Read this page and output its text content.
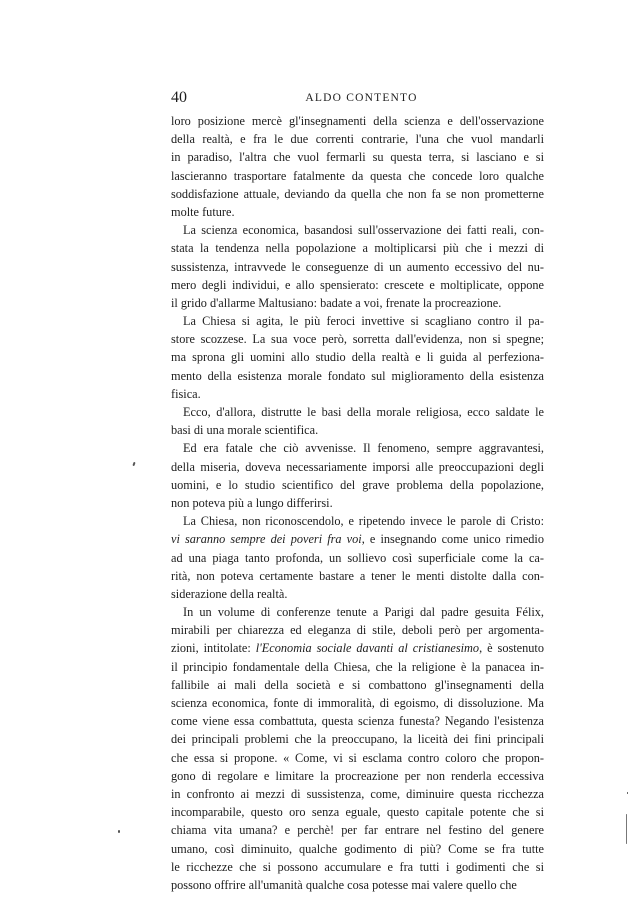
40	ALDO CONTENTO
loro posizione mercè gl'insegnamenti della scienza e dell'osservazione
della realtà, e fra le due correnti contrarie, l'una che vuol mandarli
in paradiso, l'altra che vuol fermarli su questa terra, si lasciano e si
lascieranno trasportare fatalmente da questa che concede loro qualche
soddisfazione attuale, deviando da quella che non fa se non prometterne
molte future.
La scienza economica, basandosi sull'osservazione dei fatti reali, con-
stata la tendenza nella popolazione a moltiplicarsi più che i mezzi di
sussistenza, intravvede le conseguenze di un aumento eccessivo del nu-
mero degli individui, e allo spensierato: crescete e moltiplicate, oppone
il grido d'allarme Maltusiano: badate a voi, frenate la procreazione.
La Chiesa si agita, le più feroci invettive si scagliano contro il pa-
store scozzese. La sua voce però, sorretta dall'evidenza, non si spegne;
ma sprona gli uomini allo studio della realtà e li guida al perfeziona-
mento della esistenza morale fondato sul miglioramento della esistenza
fisica.
Ecco, d'allora, distrutte le basi della morale religiosa, ecco saldate le
basi di una morale scientifica.
Ed era fatale che ciò avvenisse. Il fenomeno, sempre aggravantesi,
della miseria, doveva necessariamente imporsi alle preoccupazioni degli
uomini, e lo studio scientifico del grave problema della popolazione,
non poteva più a lungo differirsi.
La Chiesa, non riconoscendolo, e ripetendo invece le parole di Cristo:
vi saranno sempre dei poveri fra voi, e insegnando come unico rimedio
ad una piaga tanto profonda, un sollievo così superficiale come la ca-
rità, non poteva certamente bastare a tener le menti distolte dalla con-
siderazione della realtà.
In un volume di conferenze tenute a Parigi dal padre gesuita Félix,
mirabili per chiarezza ed eleganza di stile, deboli però per argomenta-
zioni, intitolate: l'Economia sociale davanti al cristianesimo, è sostenuto
il principio fondamentale della Chiesa, che la religione è la panacea in-
fallibile ai mali della società e si combattono gl'insegnamenti della
scienza economica, fonte di immoralità, di egoismo, di dissoluzione. Ma
come viene essa combattuta, questa scienza funesta? Negando l'esistenza
dei principali problemi che la preoccupano, la liceità dei fini principali
che essa si propone. « Come, vi si esclama contro coloro che propon-
gono di regolare e limitare la procreazione per non renderla eccessiva
in confronto ai mezzi di sussistenza, come, diminuire questa ricchezza
incomparabile, questo oro senza eguale, questo capitale potente che si
chiama vita umana? e perchè! per far entrare nel festino del genere
umano, così diminuito, qualche godimento di più? Come se fra tutte
le ricchezze che si possono accumulare e fra tutti i godimenti che si
possono offrire all'umanità qualche cosa potesse mai valere quello che
